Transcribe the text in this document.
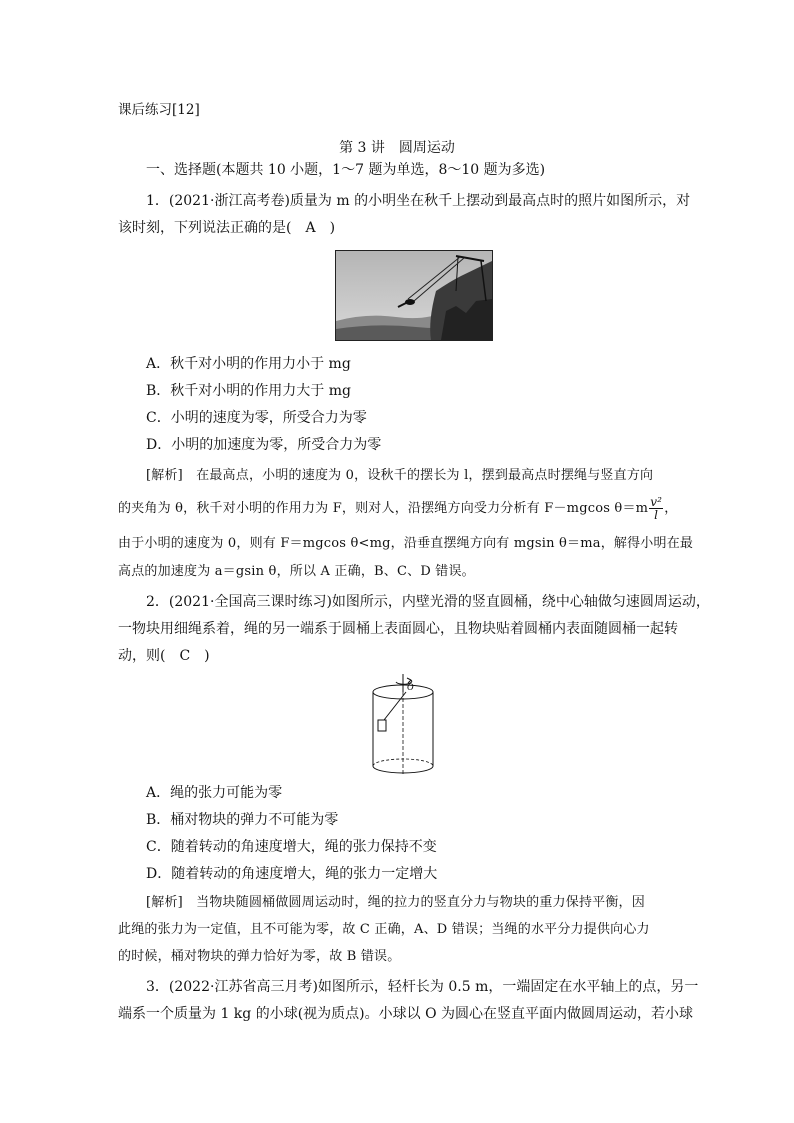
课后练习[12]
第 3 讲　圆周运动
一、选择题(本题共 10 小题，1～7 题为单选，8～10 题为多选)
1．(2021·浙江高考卷)质量为 m 的小明坐在秋千上摆动到最高点时的照片如图所示，对
该时刻，下列说法正确的是(　A　)
A．秋千对小明的作用力小于 mg
B．秋千对小明的作用力大于 mg
C．小明的速度为零，所受合力为零
D．小明的加速度为零，所受合力为零
[解析]　在最高点，小明的速度为 0，设秋千的摆长为 l，摆到最高点时摆绳与竖直方向
的夹角为 θ，秋千对小明的作用力为 F，则对人，沿摆绳方向受力分析有 F－mgcos $\theta=m \frac{\text{v²}}{l}$ ，
由于小明的速度为 0，则有 F＝mgcos θ<mg，沿垂直摆绳方向有 mgsin θ＝ma，解得小明在最
高点的加速度为 a＝gsin θ，所以 A 正确，B、C、D 错误。
2．(2021·全国高三课时练习)如图所示，内壁光滑的竖直圆桶，绕中心轴做匀速圆周运动，
一物块用细绳系着，绳的另一端系于圆桶上表面圆心，且物块贴着圆桶内表面随圆桶一起转
动，则(　C　)
O
A．绳的张力可能为零
B．桶对物块的弹力不可能为零
C．随着转动的角速度增大，绳的张力保持不变
D．随着转动的角速度增大，绳的张力一定增大
[解析]　当物块随圆桶做圆周运动时，绳的拉力的竖直分力与物块的重力保持平衡，因
此绳的张力为一定值，且不可能为零，故 C 正确，A、D 错误；当绳的水平分力提供向心力
的时候，桶对物块的弹力恰好为零，故 B 错误。
3．(2022·江苏省高三月考)如图所示，轻杆长为 0.5 m，一端固定在水平轴上的点，另一
端系一个质量为 1 kg 的小球(视为质点)。小球以 O 为圆心在竖直平面内做圆周运动，若小球
